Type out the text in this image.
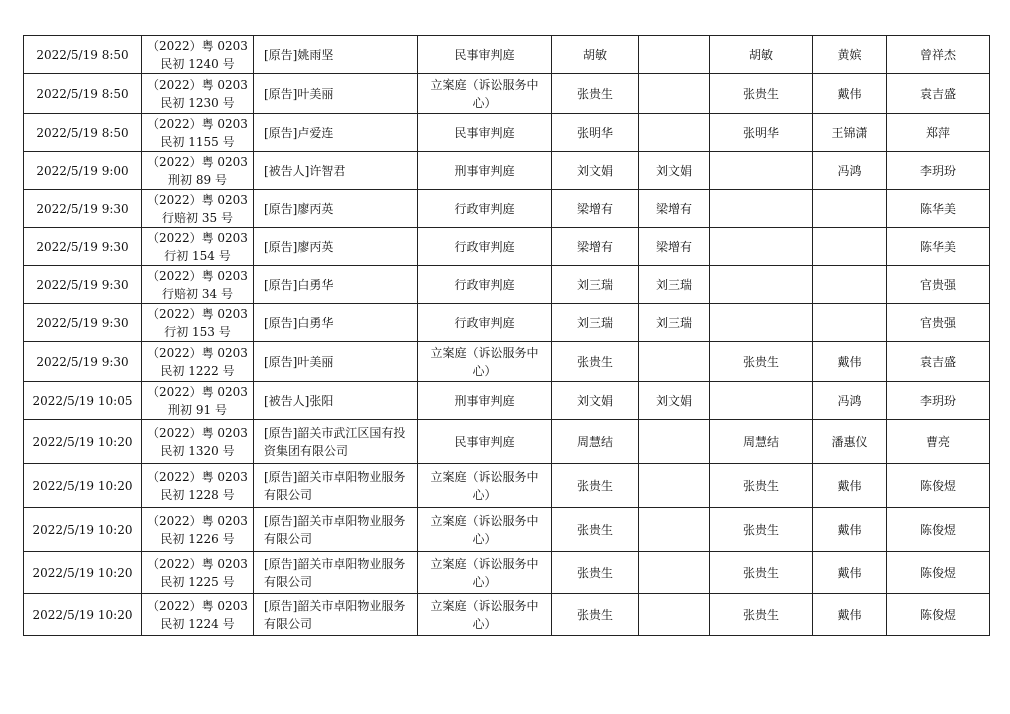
2022/5/19 8:50	（2022）粤 0203 民初 1240 号	[原告]姚雨坚	民事审判庭	胡敏		胡敏	黄嫔	曾祥杰
2022/5/19 8:50	（2022）粤 0203 民初 1230 号	[原告]叶美丽	立案庭（诉讼服务中心）	张贵生		张贵生	戴伟	袁吉盛
2022/5/19 8:50	（2022）粤 0203 民初 1155 号	[原告]卢爱连	民事审判庭	张明华		张明华	王锦潇	郑萍
2022/5/19 9:00	（2022）粤 0203 刑初 89 号	[被告人]许智君	刑事审判庭	刘文娟	刘文娟		冯鸿	李玥玢
2022/5/19 9:30	（2022）粤 0203 行赔初 35 号	[原告]廖丙英	行政审判庭	梁增有	梁增有			陈华美
2022/5/19 9:30	（2022）粤 0203 行初 154 号	[原告]廖丙英	行政审判庭	梁增有	梁增有			陈华美
2022/5/19 9:30	（2022）粤 0203 行赔初 34 号	[原告]白勇华	行政审判庭	刘三瑞	刘三瑞			官贵强
2022/5/19 9:30	（2022）粤 0203 行初 153 号	[原告]白勇华	行政审判庭	刘三瑞	刘三瑞			官贵强
2022/5/19 9:30	（2022）粤 0203 民初 1222 号	[原告]叶美丽	立案庭（诉讼服务中心）	张贵生		张贵生	戴伟	袁吉盛
2022/5/19 10:05	（2022）粤 0203 刑初 91 号	[被告人]张阳	刑事审判庭	刘文娟	刘文娟		冯鸿	李玥玢
2022/5/19 10:20	（2022）粤 0203 民初 1320 号	[原告]韶关市武江区国有投资集团有限公司	民事审判庭	周慧结		周慧结	潘惠仪	曹亮
2022/5/19 10:20	（2022）粤 0203 民初 1228 号	[原告]韶关市卓阳物业服务有限公司	立案庭（诉讼服务中心）	张贵生		张贵生	戴伟	陈俊煜
2022/5/19 10:20	（2022）粤 0203 民初 1226 号	[原告]韶关市卓阳物业服务有限公司	立案庭（诉讼服务中心）	张贵生		张贵生	戴伟	陈俊煜
2022/5/19 10:20	（2022）粤 0203 民初 1225 号	[原告]韶关市卓阳物业服务有限公司	立案庭（诉讼服务中心）	张贵生		张贵生	戴伟	陈俊煜
2022/5/19 10:20	（2022）粤 0203 民初 1224 号	[原告]韶关市卓阳物业服务有限公司	立案庭（诉讼服务中心）	张贵生		张贵生	戴伟	陈俊煜
